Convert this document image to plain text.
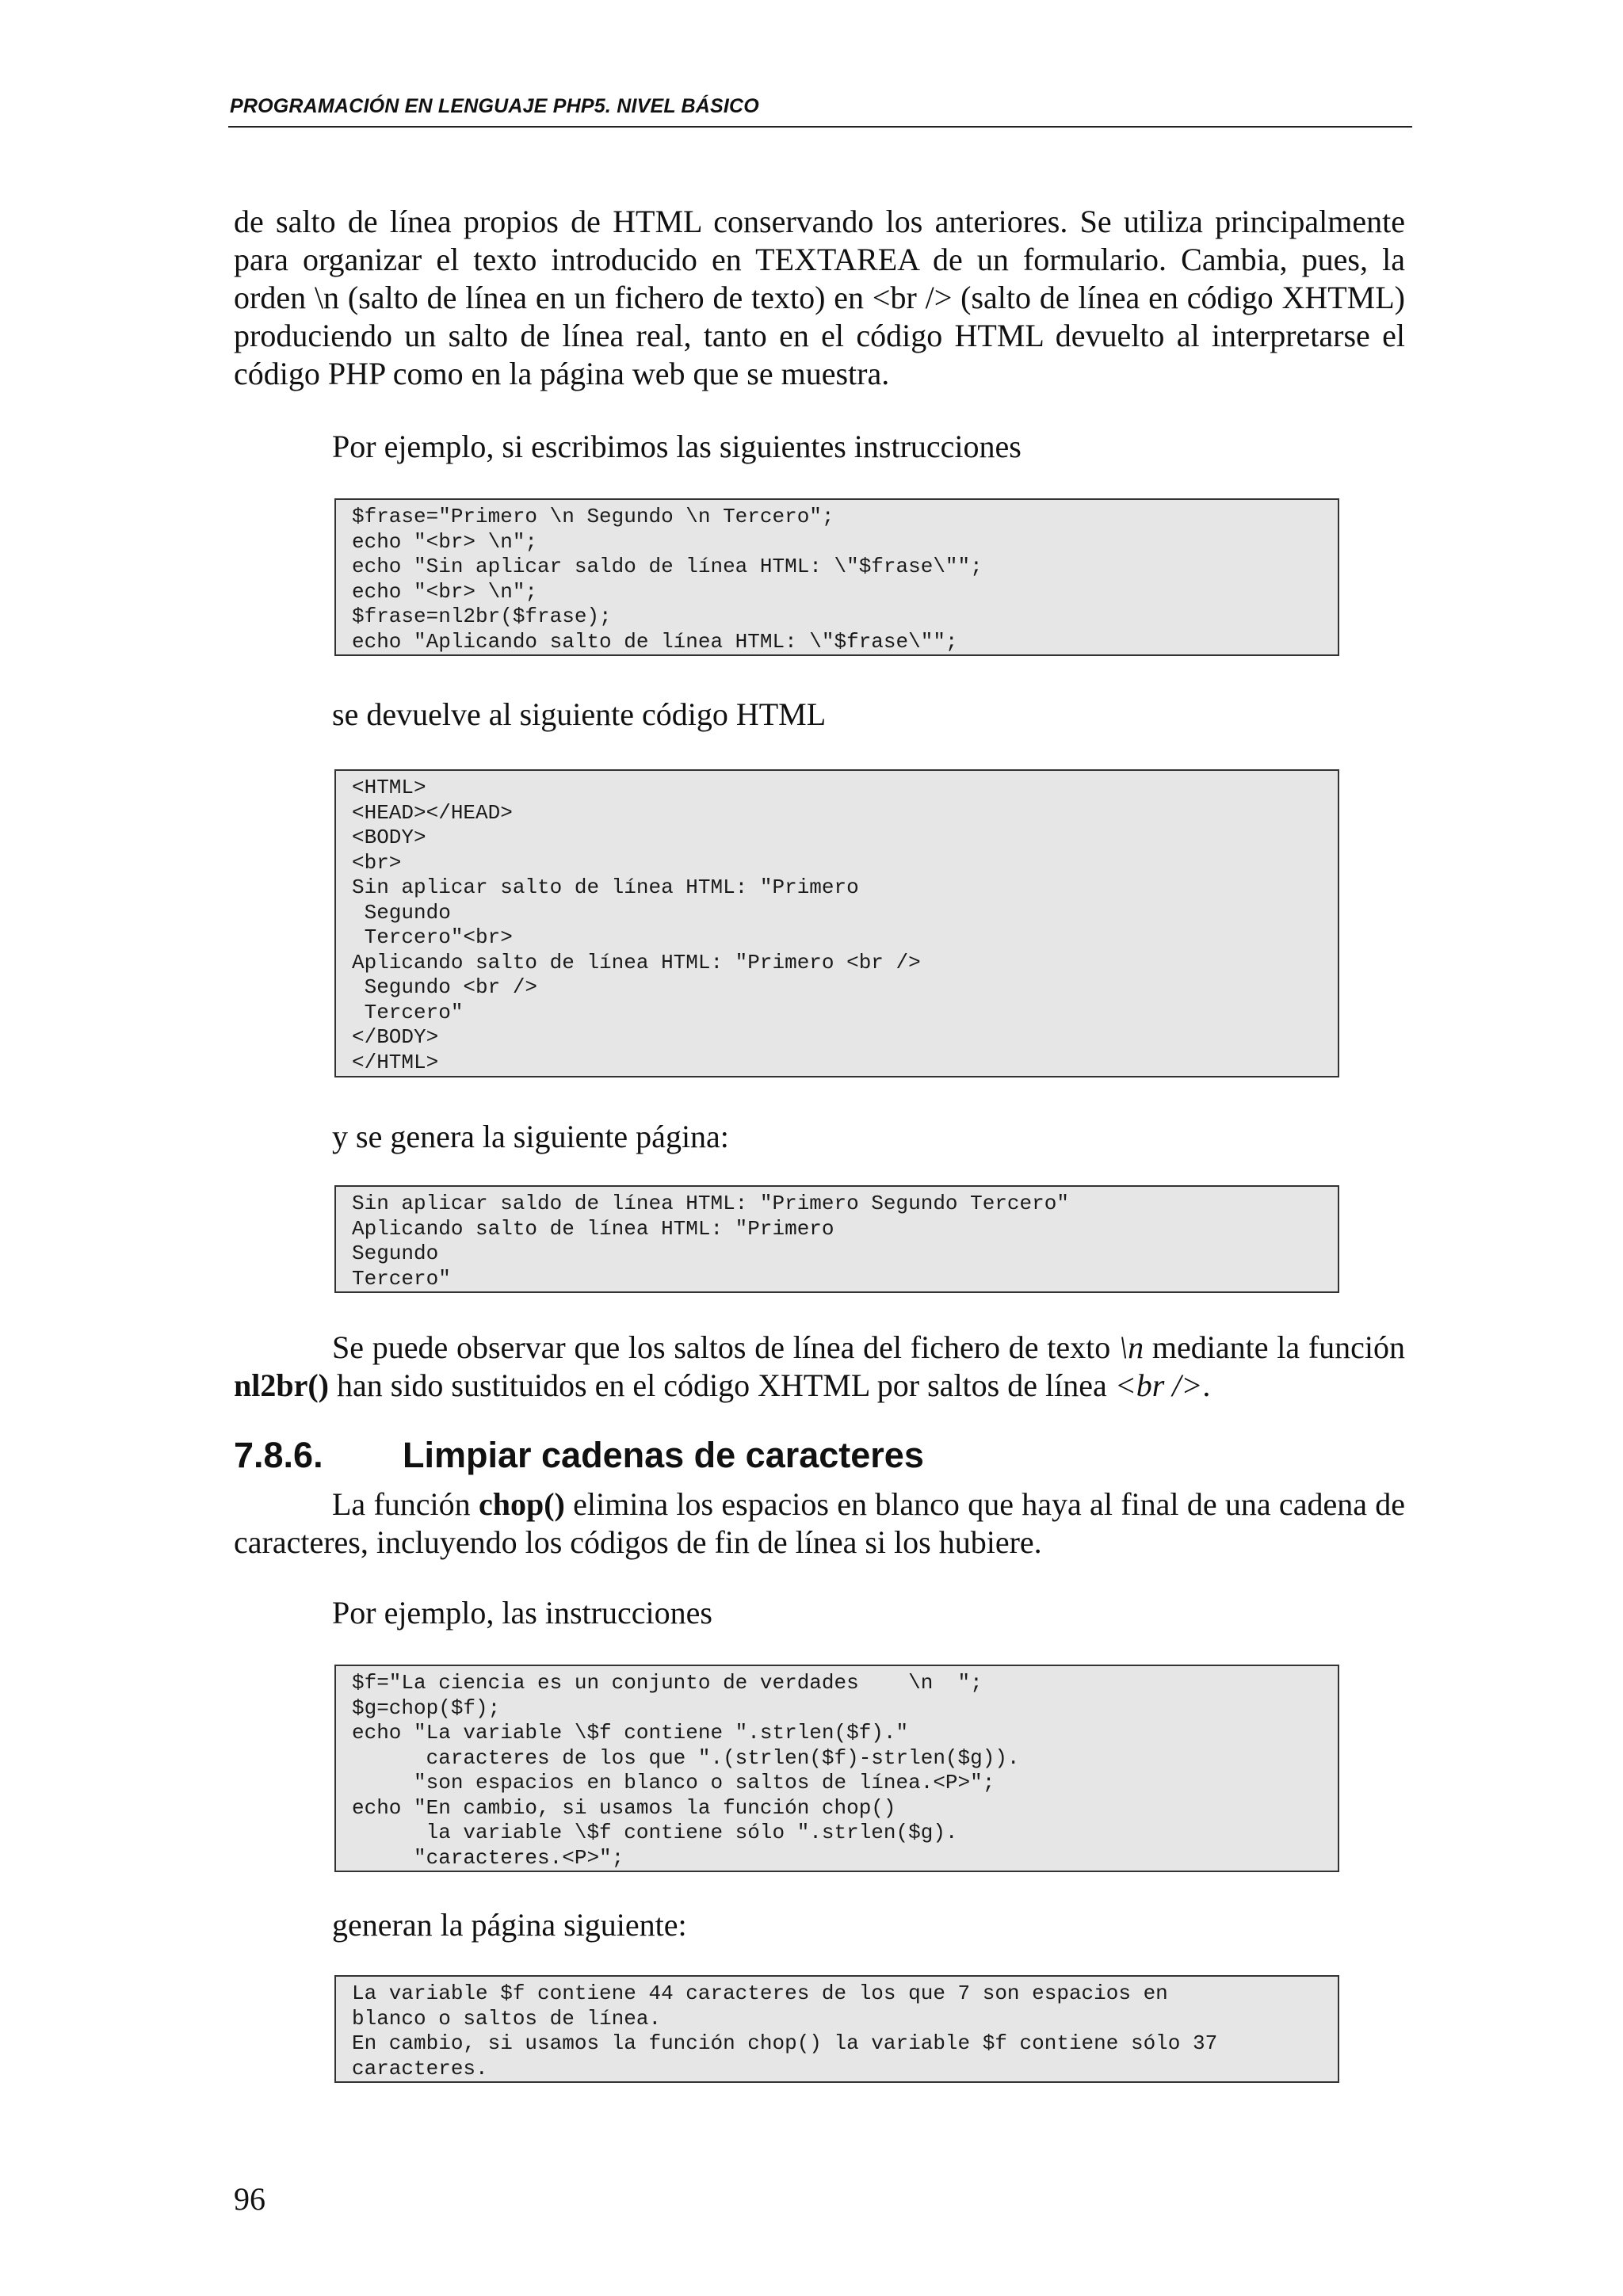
PROGRAMACIÓN EN LENGUAJE PHP5. NIVEL BÁSICO
de salto de línea propios de HTML conservando los anteriores. Se utiliza principalmente para organizar el texto introducido en TEXTAREA de un formulario. Cambia, pues, la orden \n (salto de línea en un fichero de texto) en <br /> (salto de línea en código XHTML) produciendo un salto de línea real, tanto en el código HTML devuelto al interpretarse el código PHP como en la página web que se muestra.
Por ejemplo, si escribimos las siguientes instrucciones
$frase="Primero \n Segundo \n Tercero";
echo "<br> \n";
echo "Sin aplicar saldo de línea HTML: \"$frase\"";
echo "<br> \n";
$frase=nl2br($frase);
echo "Aplicando salto de línea HTML: \"$frase\"";
se devuelve al siguiente código HTML
<HTML>
<HEAD></HEAD>
<BODY>
<br>
Sin aplicar salto de línea HTML: "Primero
Segundo
Tercero"<br>
Aplicando salto de línea HTML: "Primero <br />
Segundo <br />
Tercero"
</BODY>
</HTML>
y se genera la siguiente página:
Sin aplicar saldo de línea HTML: "Primero Segundo Tercero"
Aplicando salto de línea HTML: "Primero
Segundo
Tercero"
Se puede observar que los saltos de línea del fichero de texto \n mediante la función nl2br() han sido sustituidos en el código XHTML por saltos de línea <br />.
7.8.6. Limpiar cadenas de caracteres
La función chop() elimina los espacios en blanco que haya al final de una cadena de caracteres, incluyendo los códigos de fin de línea si los hubiere.
Por ejemplo, las instrucciones
$f="La ciencia es un conjunto de verdades    \n  ";
$g=chop($f);
echo "La variable \$f contiene ".strlen($f)."
caracteres de los que ".(strlen($f)-strlen($g)).
"son espacios en blanco o saltos de línea.<P>";
echo "En cambio, si usamos la función chop()
la variable \$f contiene sólo ".strlen($g).
"caracteres.<P>";
generan la página siguiente:
La variable $f contiene 44 caracteres de los que 7 son espacios en
blanco o saltos de línea.
En cambio, si usamos la función chop() la variable $f contiene sólo 37
caracteres.
96
